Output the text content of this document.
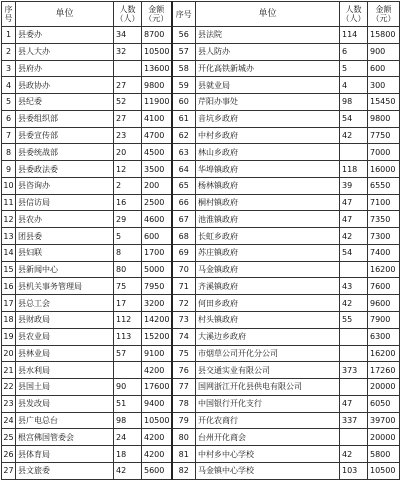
序号	单位	人数（人）	金额（元）	序号	单位	人数（人）	金额（元）
1	县委办	34	8700	56	县法院	114	15800
2	县人大办	32	10500	57	县人防办	6	900
3	县府办		13600	58	开化高铁新城办	5	600
4	县政协办	27	9800	59	县就业局	4	300
5	县纪委	52	11900	60	芹阳办事处	98	15450
6	县委组织部	27	4100	61	音坑乡政府	54	9800
7	县委宣传部	23	4700	62	中村乡政府	42	7750
8	县委统战部	20	4500	63	林山乡政府		7000
9	县委政法委	12	3500	64	华埠镇政府	118	16000
10	县咨询办	2	200	65	杨林镇政府	39	6550
11	县信访局	16	2500	66	桐村镇政府	47	7100
12	县农办	29	4600	67	池淮镇政府	47	7350
13	团县委	5	600	68	长虹乡政府	42	7300
14	县妇联	8	1700	69	苏庄镇政府	54	7400
15	县新闻中心	80	5000	70	马金镇政府		16200
16	县机关事务管理局	75	7950	71	齐溪镇政府	43	7600
17	县总工会	17	3200	72	何田乡政府	42	9600
18	县财政局	112	14200	73	村头镇政府	55	7900
19	县农业局	113	15200	74	大溪边乡政府		6300
20	县林业局	57	9100	75	市烟草公司开化分公司		16200
21	县水利局		4200	76	县交通实业有限公司	373	17260
22	县国土局	90	17600	77	国网浙江开化县供电有限公司		20000
23	县发改局	51	9400	78	中国银行开化支行	47	6050
24	县广电总台	98	10500	79	开化农商行	337	39700
25	根宫佛国管委会	24	4200	80	台州开化商会		20000
26	县体育局	18	4200	81	中村乡中心学校	42	5800
27	县文旅委	42	5600	82	马金镇中心学校	103	10500
